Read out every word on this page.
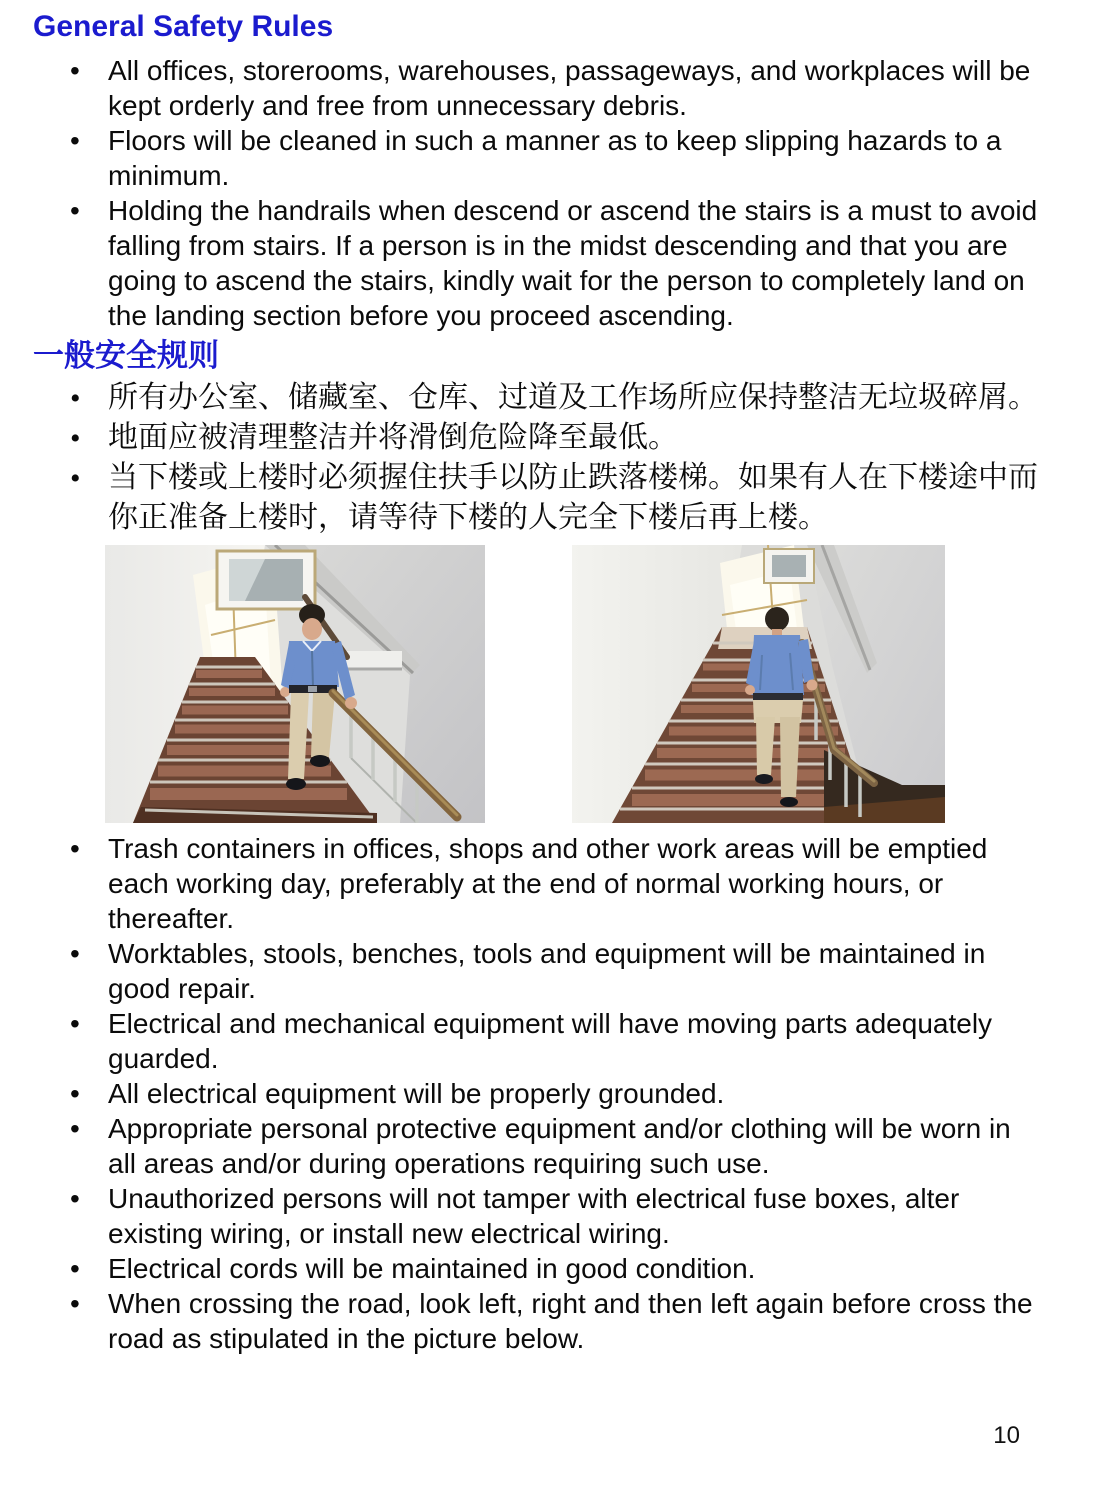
General Safety Rules
• All offices, storerooms, warehouses, passageways, and workplaces will be kept orderly and free from unnecessary debris.
• Floors will be cleaned in such a manner as to keep slipping hazards to a minimum.
• Holding the handrails when descend or ascend the stairs is a must to avoid falling from stairs. If a person is in the midst descending and that you are going to ascend the stairs, kindly wait for the person to completely land on the landing section before you proceed ascending.
一般安全规则
• 所有办公室、储藏室、仓库、过道及工作场所应保持整洁无垃圾碎屑。
• 地面应被清理整洁并将滑倒危险降至最低。
• 当下楼或上楼时必须握住扶手以防止跌落楼梯。如果有人在下楼途中而你正准备上楼时，请等待下楼的人完全下楼后再上楼。
• Trash containers in offices, shops and other work areas will be emptied each working day, preferably at the end of normal working hours, or thereafter.
• Worktables, stools, benches, tools and equipment will be maintained in good repair.
• Electrical and mechanical equipment will have moving parts adequately guarded.
• All electrical equipment will be properly grounded.
• Appropriate personal protective equipment and/or clothing will be worn in all areas and/or during operations requiring such use.
• Unauthorized persons will not tamper with electrical fuse boxes, alter existing wiring, or install new electrical wiring.
• Electrical cords will be maintained in good condition.
• When crossing the road, look left, right and then left again before cross the road as stipulated in the picture below.
10
